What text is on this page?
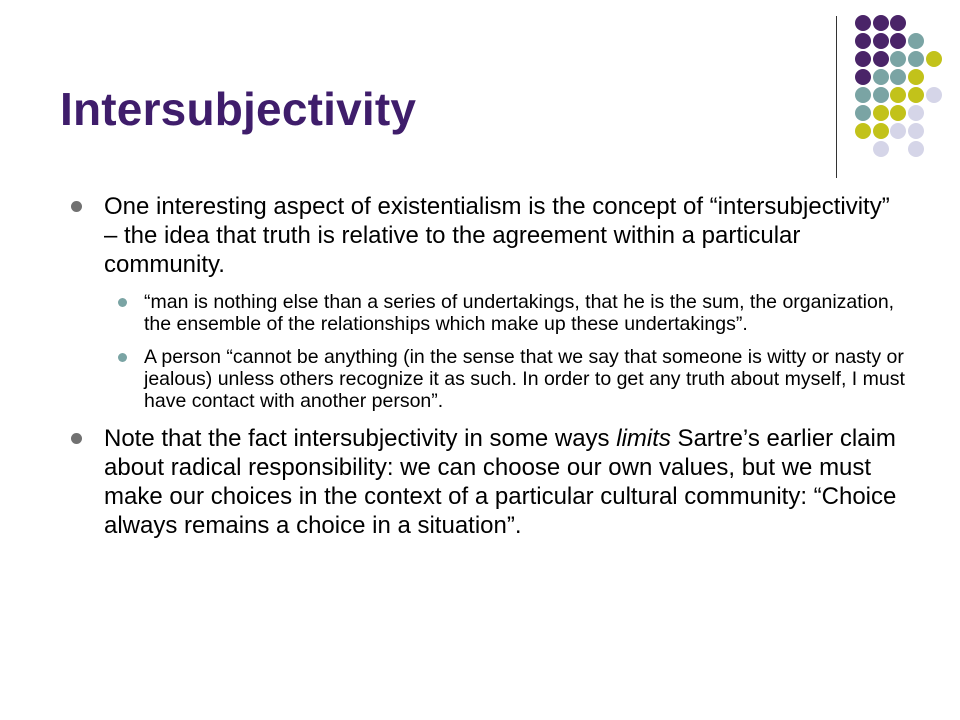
Intersubjectivity
One interesting aspect of existentialism is the concept of “intersubjectivity” – the idea that truth is relative to the agreement within a particular community.
“man is nothing else than a series of undertakings, that he is the sum, the organization, the ensemble of the relationships which make up these undertakings”.
A person “cannot be anything (in the sense that we say that someone is witty or nasty or jealous) unless others recognize it as such. In order to get any truth about myself, I must have contact with another person”.
Note that the fact intersubjectivity in some ways limits Sartre’s earlier claim about radical responsibility: we can choose our own values, but we must make our choices in the context of a particular cultural community: “Choice always remains a choice in a situation”.
